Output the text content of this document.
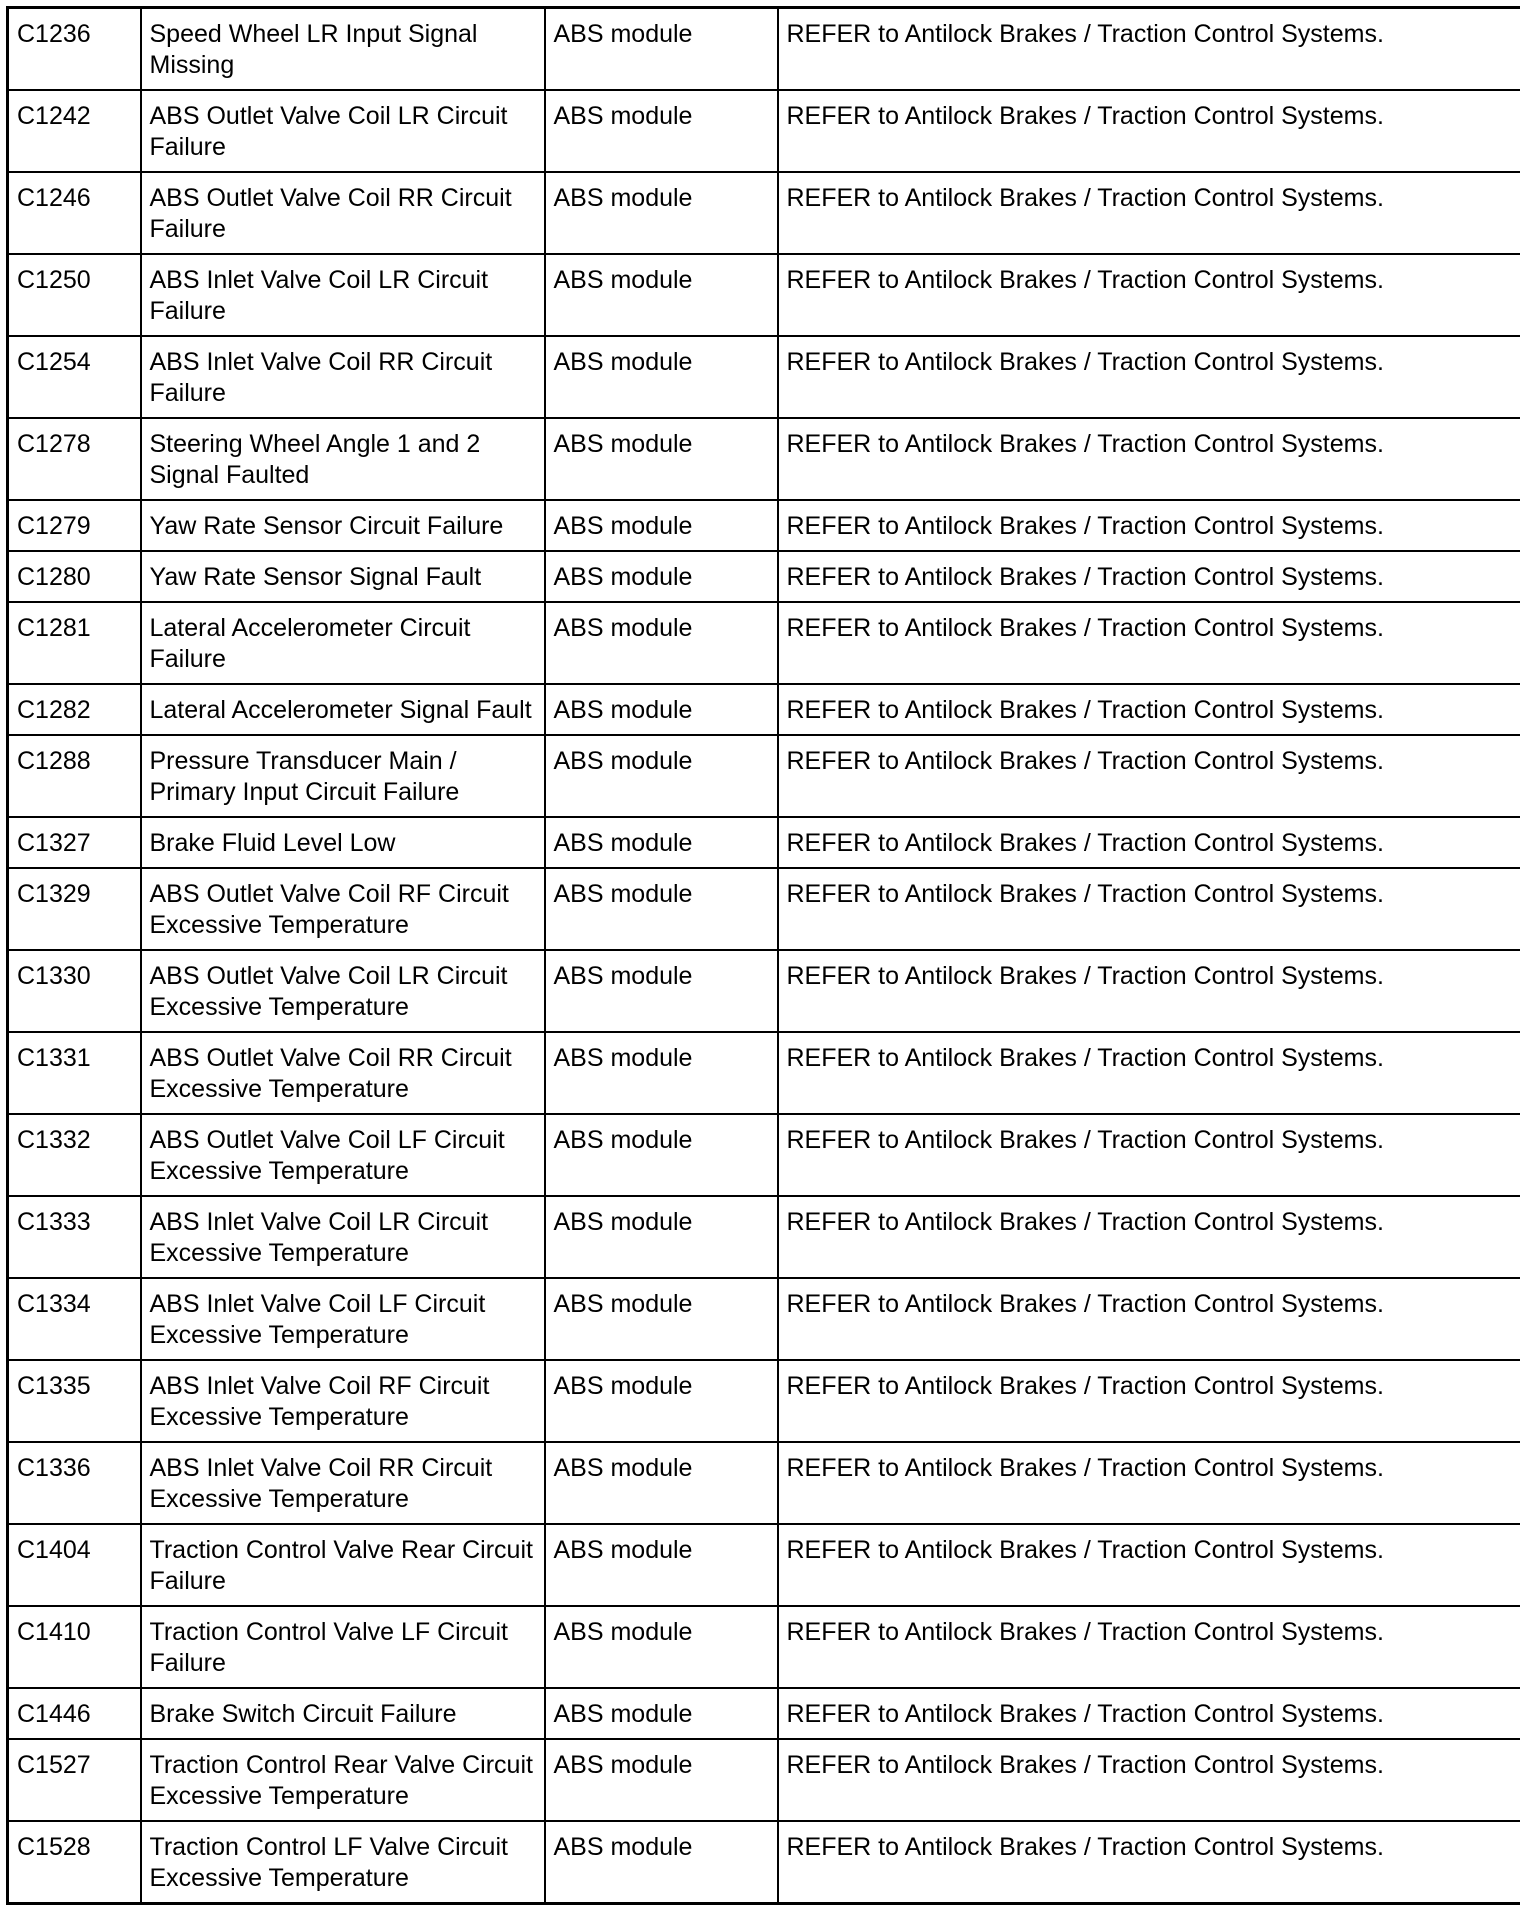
C1236	Speed Wheel LR Input Signal Missing	ABS module	REFER to Antilock Brakes / Traction Control Systems.
C1242	ABS Outlet Valve Coil LR Circuit Failure	ABS module	REFER to Antilock Brakes / Traction Control Systems.
C1246	ABS Outlet Valve Coil RR Circuit Failure	ABS module	REFER to Antilock Brakes / Traction Control Systems.
C1250	ABS Inlet Valve Coil LR Circuit Failure	ABS module	REFER to Antilock Brakes / Traction Control Systems.
C1254	ABS Inlet Valve Coil RR Circuit Failure	ABS module	REFER to Antilock Brakes / Traction Control Systems.
C1278	Steering Wheel Angle 1 and 2 Signal Faulted	ABS module	REFER to Antilock Brakes / Traction Control Systems.
C1279	Yaw Rate Sensor Circuit Failure	ABS module	REFER to Antilock Brakes / Traction Control Systems.
C1280	Yaw Rate Sensor Signal Fault	ABS module	REFER to Antilock Brakes / Traction Control Systems.
C1281	Lateral Accelerometer Circuit Failure	ABS module	REFER to Antilock Brakes / Traction Control Systems.
C1282	Lateral Accelerometer Signal Fault	ABS module	REFER to Antilock Brakes / Traction Control Systems.
C1288	Pressure Transducer Main / Primary Input Circuit Failure	ABS module	REFER to Antilock Brakes / Traction Control Systems.
C1327	Brake Fluid Level Low	ABS module	REFER to Antilock Brakes / Traction Control Systems.
C1329	ABS Outlet Valve Coil RF Circuit Excessive Temperature	ABS module	REFER to Antilock Brakes / Traction Control Systems.
C1330	ABS Outlet Valve Coil LR Circuit Excessive Temperature	ABS module	REFER to Antilock Brakes / Traction Control Systems.
C1331	ABS Outlet Valve Coil RR Circuit Excessive Temperature	ABS module	REFER to Antilock Brakes / Traction Control Systems.
C1332	ABS Outlet Valve Coil LF Circuit Excessive Temperature	ABS module	REFER to Antilock Brakes / Traction Control Systems.
C1333	ABS Inlet Valve Coil LR Circuit Excessive Temperature	ABS module	REFER to Antilock Brakes / Traction Control Systems.
C1334	ABS Inlet Valve Coil LF Circuit Excessive Temperature	ABS module	REFER to Antilock Brakes / Traction Control Systems.
C1335	ABS Inlet Valve Coil RF Circuit Excessive Temperature	ABS module	REFER to Antilock Brakes / Traction Control Systems.
C1336	ABS Inlet Valve Coil RR Circuit Excessive Temperature	ABS module	REFER to Antilock Brakes / Traction Control Systems.
C1404	Traction Control Valve Rear Circuit Failure	ABS module	REFER to Antilock Brakes / Traction Control Systems.
C1410	Traction Control Valve LF Circuit Failure	ABS module	REFER to Antilock Brakes / Traction Control Systems.
C1446	Brake Switch Circuit Failure	ABS module	REFER to Antilock Brakes / Traction Control Systems.
C1527	Traction Control Rear Valve Circuit Excessive Temperature	ABS module	REFER to Antilock Brakes / Traction Control Systems.
C1528	Traction Control LF Valve Circuit Excessive Temperature	ABS module	REFER to Antilock Brakes / Traction Control Systems.
